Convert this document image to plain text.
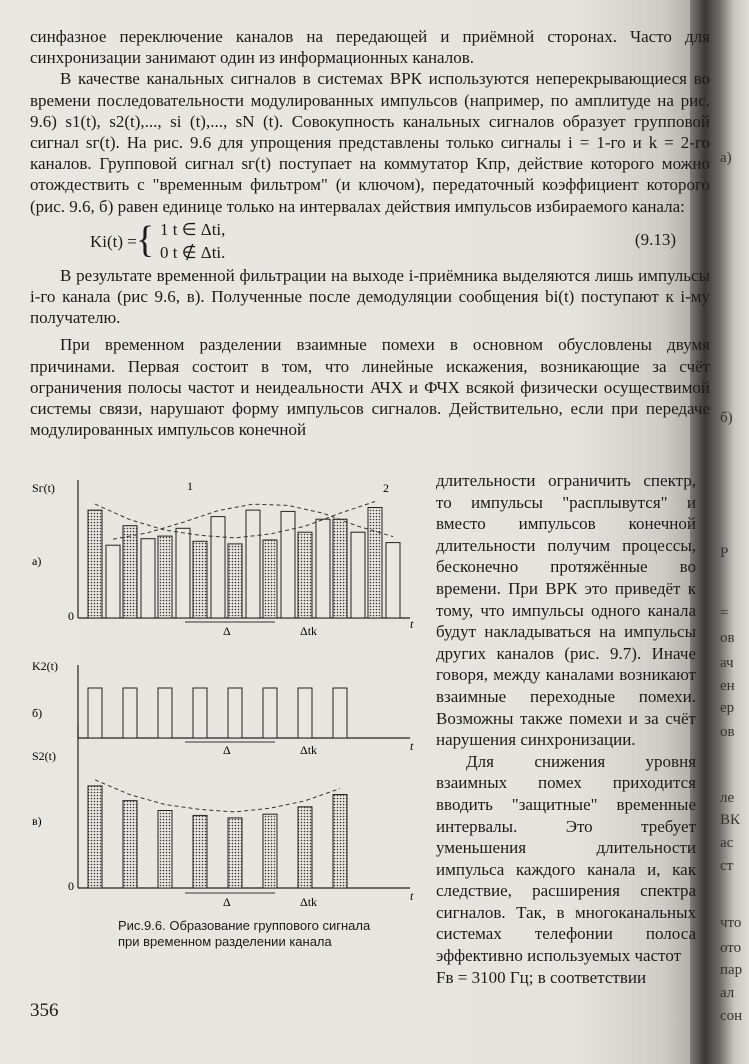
синфазное переключение каналов на передающей и приёмной сторонах. Часто для синхронизации занимают один из информационных каналов.

В качестве канальных сигналов в системах ВРК используются неперекрывающиеся во времени последовательности модулированных импульсов (например, по амплитуде на рис. 9.6) s1(t), s2(t),..., si (t),..., sN (t). Совокупность канальных сигналов образует групповой сигнал sг(t). На рис. 9.6 для упрощения представлены только сигналы i = 1-го и k = 2-го каналов. Групповой сигнал sг(t) поступает на коммутатор Kпр, действие которого можно отождествить с "временным фильтром" (и ключом), передаточный коэффициент которого (рис. 9.6, б) равен единице только на интервалах действия импульсов избираемого канала:

Ki(t) = { 1 t ∈ Δti,
0 t ∉ Δti.
(9.13)

В результате временной фильтрации на выходе i-приёмника выделяются лишь импульсы i-го канала (рис 9.6, в). Полученные после демодуляции сообщения bi(t) поступают к i-му получателю.

При временном разделении взаимные помехи в основном обусловлены двумя причинами. Первая состоит в том, что линейные искажения, возникающие за счёт ограничения полосы частот и неидеальности АЧХ и ФЧХ всякой физически осуществимой системы связи, нарушают форму импульсов сигналов. Действительно, если при передаче модулированных импульсов конечной

Sг(t)
а)
0
t
1	2
Δ	Δtk
K2(t)
б)
t
Δ	Δtk
S2(t)
в)
0
t
Δ	Δtk
длительности ограничить спектр, то импульсы "расплывутся" и вместо импульсов конечной длительности получим процессы, бесконечно протяжённые во времени. При ВРК это приведёт к тому, что импульсы одного канала будут накладываться на импульсы других каналов (рис. 9.7). Иначе говоря, между каналами возникают взаимные переходные помехи. Возможны также помехи и за счёт нарушения синхронизации.
Для снижения уровня взаимных помех приходится вводить "защитные" временные интервалы. Это требует уменьшения длительности импульса каждого канала и, как следствие, расширения спектра сигналов. Так, в многоканальных системах телефонии полоса эффективно используемых частот
Fв = 3100 Гц; в соответствии
Рис.9.6. Образование группового сигнала
при временном разделении канала
356
а)
б)
P
=
ов
ач
ен
ер
ов
ле
ВК
ас
ст
что
ото
пар
ал
сон
